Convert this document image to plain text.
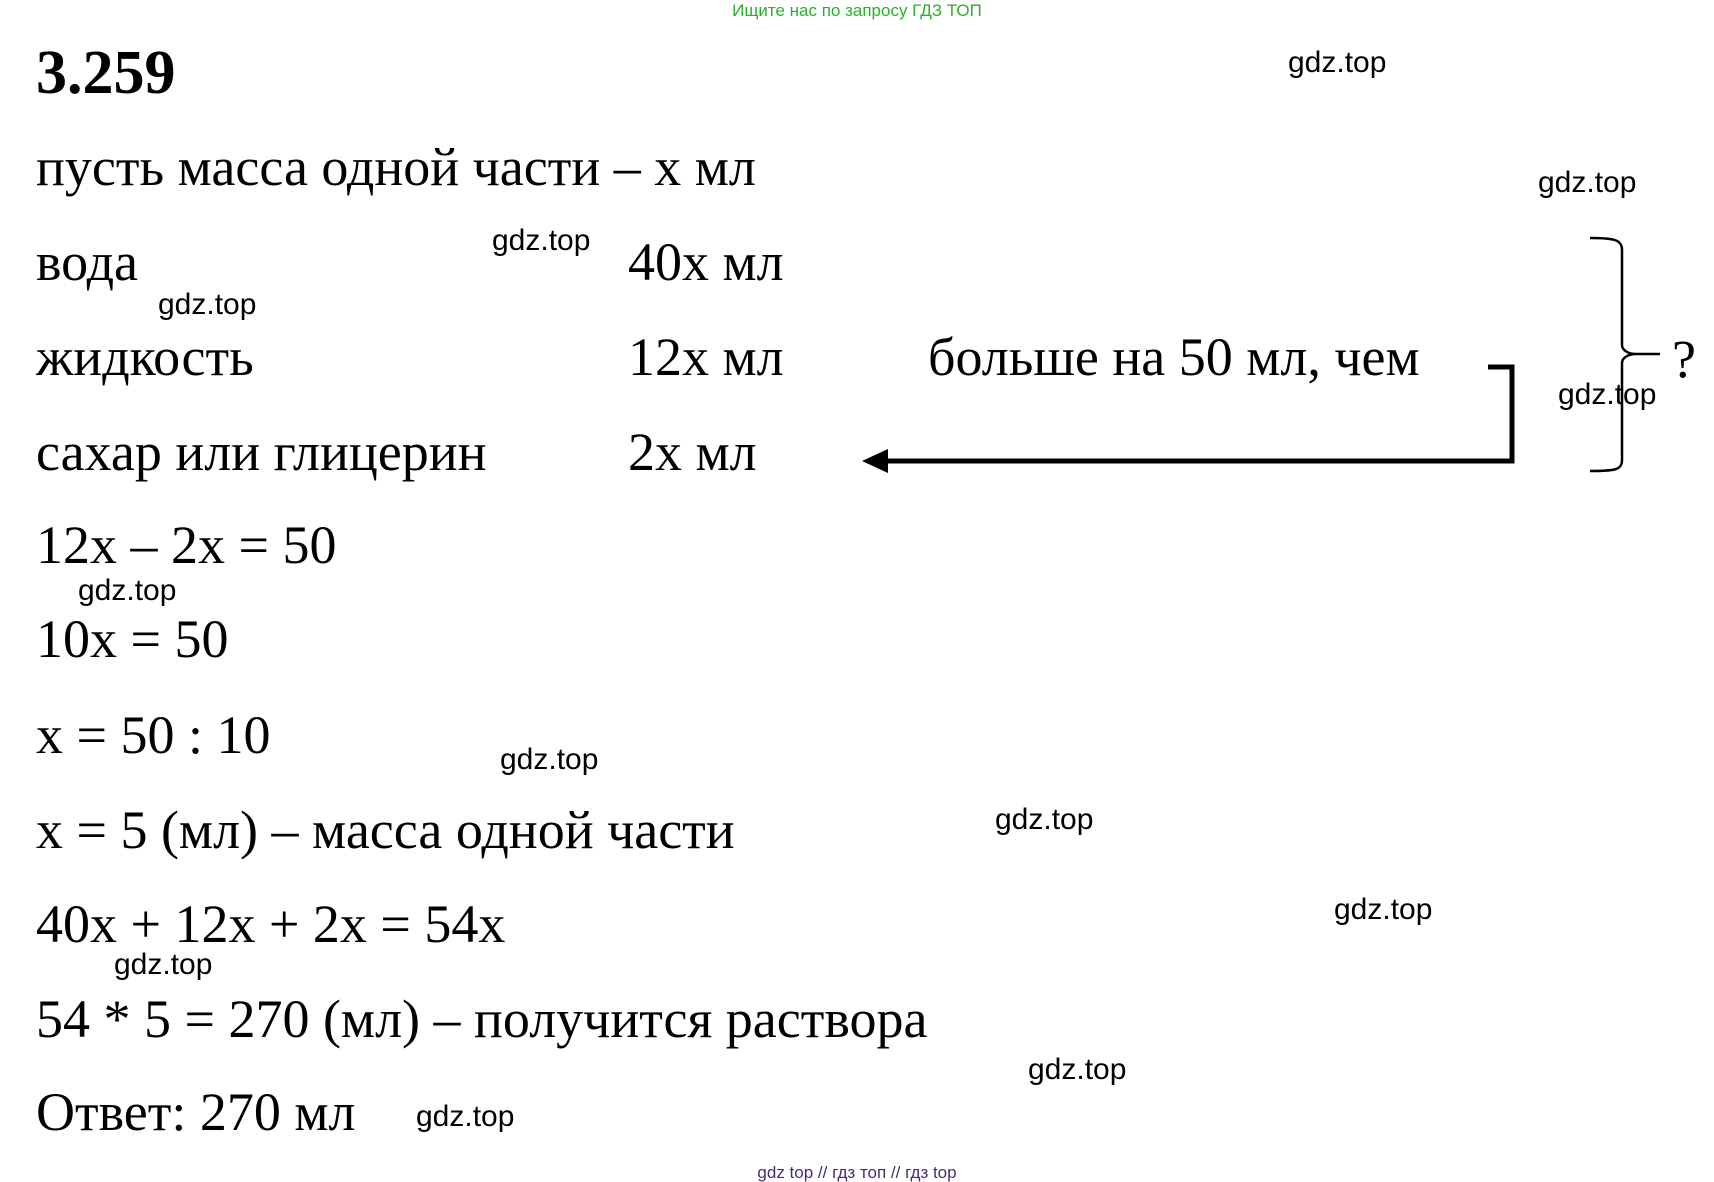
Ищите нас по запросу ГДЗ ТОП
3.259
пусть масса одной части – х мл
вода	40х мл
жидкость	12х мл	больше на 50 мл, чем
сахар или глицерин	2х мл
?
12х – 2х = 50
10х = 50
х = 50 : 10
х = 5 (мл) – масса одной части
40х + 12х + 2х = 54х
54 * 5 = 270 (мл) – получится раствора
Ответ: 270 мл
gdz.top
gdz.top
gdz.top
gdz.top
gdz.top
gdz.top
gdz.top
gdz.top
gdz.top
gdz.top
gdz.top
gdz.top
gdz top // гдз топ // гдз top
